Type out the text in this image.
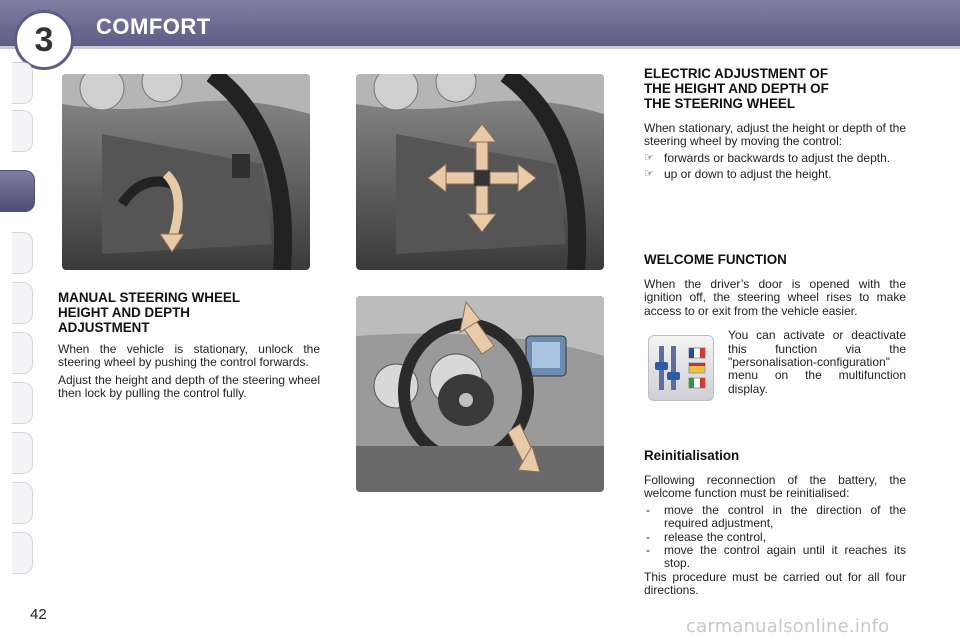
3	COMFORT
MANUAL STEERING WHEEL
HEIGHT AND DEPTH
ADJUSTMENT

When the vehicle is stationary, unlock the steering wheel by pushing the control forwards.

Adjust the height and depth of the steering wheel then lock by pulling the control fully.

ELECTRIC ADJUSTMENT OF
THE HEIGHT AND DEPTH OF
THE STEERING WHEEL

When stationary, adjust the height or depth of the steering wheel by moving the control:

☞ forwards or backwards to adjust the depth.
☞ up or down to adjust the height.
WELCOME FUNCTION

When the driver’s door is opened with the ignition off, the steering wheel rises to make access to or exit from the vehicle easier.

You can activate or deactivate this function via the "personalisation-configuration" menu on the multifunction display.

Reinitialisation

Following reconnection of the battery, the welcome function must be reinitialised:

- move the control in the direction of the required adjustment,
- release the control,
- move the control again until it reaches its stop.

This procedure must be carried out for all four directions.

42
carmanualsonline.info
